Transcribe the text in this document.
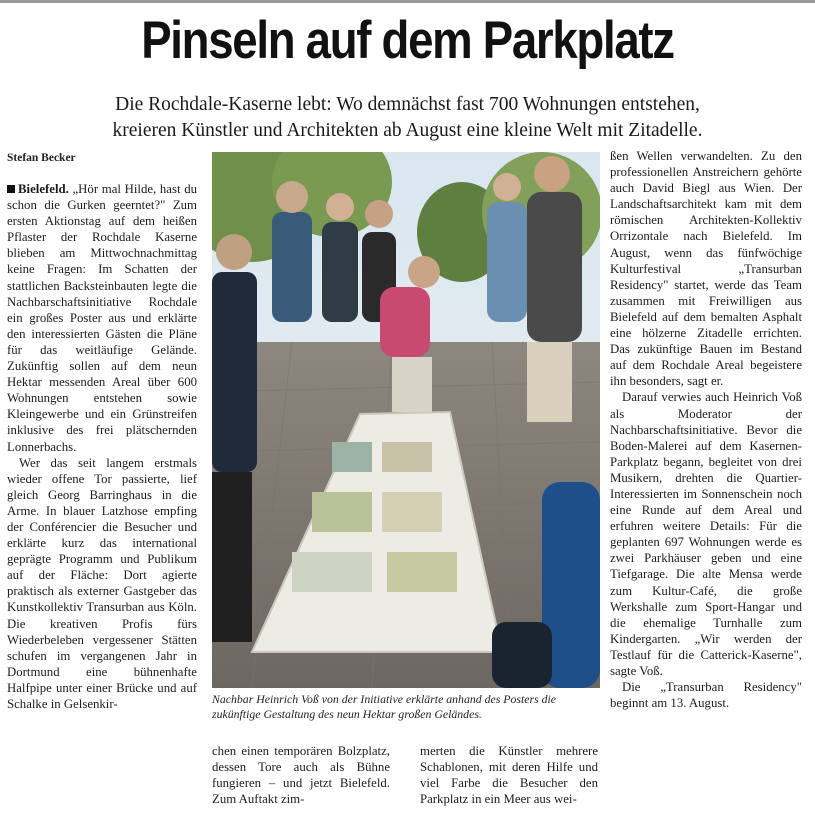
Pinseln auf dem Parkplatz
Die Rochdale-Kaserne lebt: Wo demnächst fast 700 Wohnungen entstehen,
kreieren Künstler und Architekten ab August eine kleine Welt mit Zitadelle.
Stefan Becker

Bielefeld. „Hör mal Hilde, hast du schon die Gurken geerntet?" Zum ersten Aktionstag auf dem heißen Pflaster der Rochdale Kaserne blieben am Mittwochnachmittag keine Fragen: Im Schatten der stattlichen Backsteinbauten legte die Nachbarschaftsinitiative Rochdale ein großes Poster aus und erklärte den interessierten Gästen die Pläne für das weitläufige Gelände. Zukünftig sollen auf dem neun Hektar messenden Areal über 600 Wohnungen entstehen sowie Kleingewerbe und ein Grünstreifen inklusive des frei plätschernden Lonnerbachs.

Wer das seit langem erstmals wieder offene Tor passierte, lief gleich Georg Barringhaus in die Arme. In blauer Latzhose empfing der Conférencier die Besucher und erklärte kurz das international geprägte Programm und Publikum auf der Fläche: Dort agierte praktisch als externer Gastgeber das Kunstkollektiv Transurban aus Köln. Die kreativen Profis fürs Wiederbeleben vergessener Stätten schufen im vergangenen Jahr in Dortmund eine bühnenhafte Halfpipe unter einer Brücke und auf Schalke in Gelsenkir-	Nachbar Heinrich Voß von der Initiative erklärte anhand des Posters die zukünftige Gestaltung des neun Hektar großen Geländes.

chen einen temporären Bolzplatz, dessen Tore auch als Bühne fungieren – und jetzt Bielefeld. Zum Auftakt zim-

merten die Künstler mehrere Schablonen, mit deren Hilfe und viel Farbe die Besucher den Parkplatz in ein Meer aus wei-

ßen Wellen verwandelten. Zu den professionellen Anstreichern gehörte auch David Biegl aus Wien. Der Landschaftsarchitekt kam mit dem römischen Architekten-Kollektiv Orrizontale nach Bielefeld. Im August, wenn das fünfwöchige Kulturfestival „Transurban Residency" startet, werde das Team zusammen mit Freiwilligen aus Bielefeld auf dem bemalten Asphalt eine hölzerne Zitadelle errichten. Das zukünftige Bauen im Bestand auf dem Rochdale Areal begeistere ihn besonders, sagt er.

Darauf verwies auch Heinrich Voß als Moderator der Nachbarschaftsinitiative. Bevor die Boden-Malerei auf dem Kasernen-Parkplatz begann, begleitet von drei Musikern, drehten die Quartier-Interessierten im Sonnenschein noch eine Runde auf dem Areal und erfuhren weitere Details: Für die geplanten 697 Wohnungen werde es zwei Parkhäuser geben und eine Tiefgarage. Die alte Mensa werde zum Kultur-Café, die große Werkshalle zum Sport-Hangar und die ehemalige Turnhalle zum Kindergarten. „Wir werden der Testlauf für die Catterick-Kaserne", sagte Voß.

Die „Transurban Residency" beginnt am 13. August.
